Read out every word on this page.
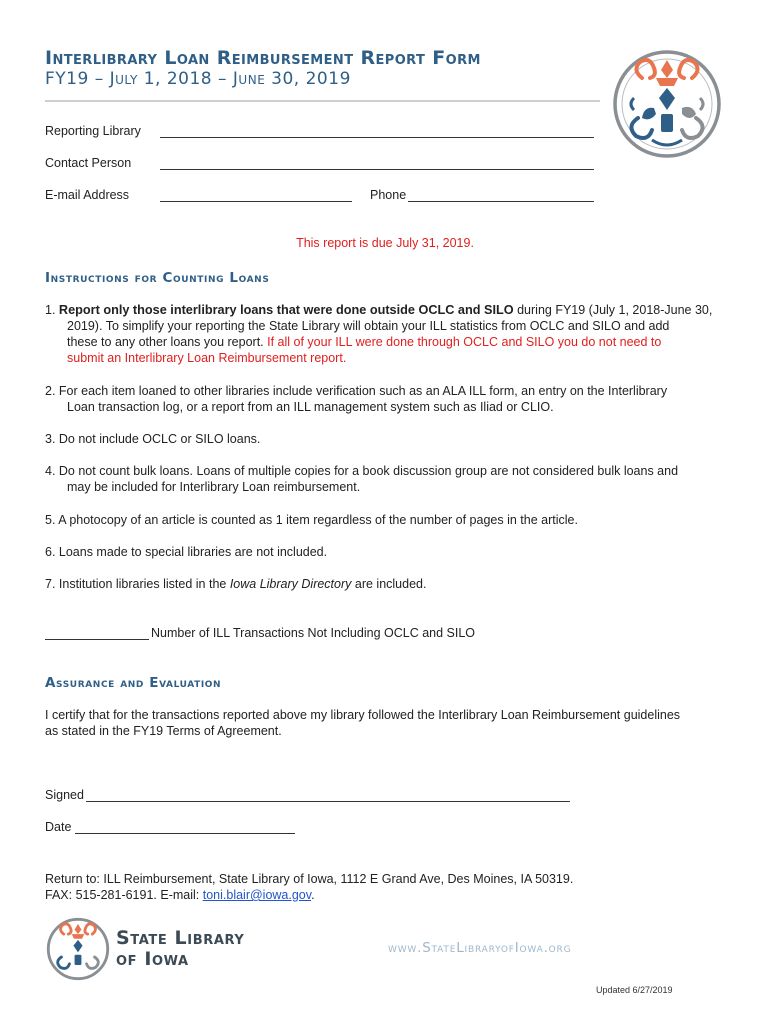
Interlibrary Loan Reimbursement Report Form
FY19 – July 1, 2018 – June 30, 2019
Reporting Library
Contact Person
E-mail Address	Phone
This report is due July 31, 2019.
Instructions for Counting Loans
1. Report only those interlibrary loans that were done outside OCLC and SILO during FY19 (July 1, 2018-June 30,
2019). To simplify your reporting the State Library will obtain your ILL statistics from OCLC and SILO and add
these to any other loans you report. If all of your ILL were done through OCLC and SILO you do not need to
submit an Interlibrary Loan Reimbursement report.
2. For each item loaned to other libraries include verification such as an ALA ILL form, an entry on the Interlibrary
Loan transaction log, or a report from an ILL management system such as Iliad or CLIO.
3. Do not include OCLC or SILO loans.
4. Do not count bulk loans. Loans of multiple copies for a book discussion group are not considered bulk loans and
may be included for Interlibrary Loan reimbursement.
5. A photocopy of an article is counted as 1 item regardless of the number of pages in the article.
6. Loans made to special libraries are not included.
7. Institution libraries listed in the Iowa Library Directory are included.
Number of ILL Transactions Not Including OCLC and SILO
Assurance and Evaluation
I certify that for the transactions reported above my library followed the Interlibrary Loan Reimbursement guidelines
as stated in the FY19 Terms of Agreement.
Signed
Date
Return to: ILL Reimbursement, State Library of Iowa, 1112 E Grand Ave, Des Moines, IA 50319.
FAX: 515-281-6191. E-mail: toni.blair@iowa.gov.
State Library
of Iowa	www.StateLibraryofIowa.org
Updated 6/27/2019
